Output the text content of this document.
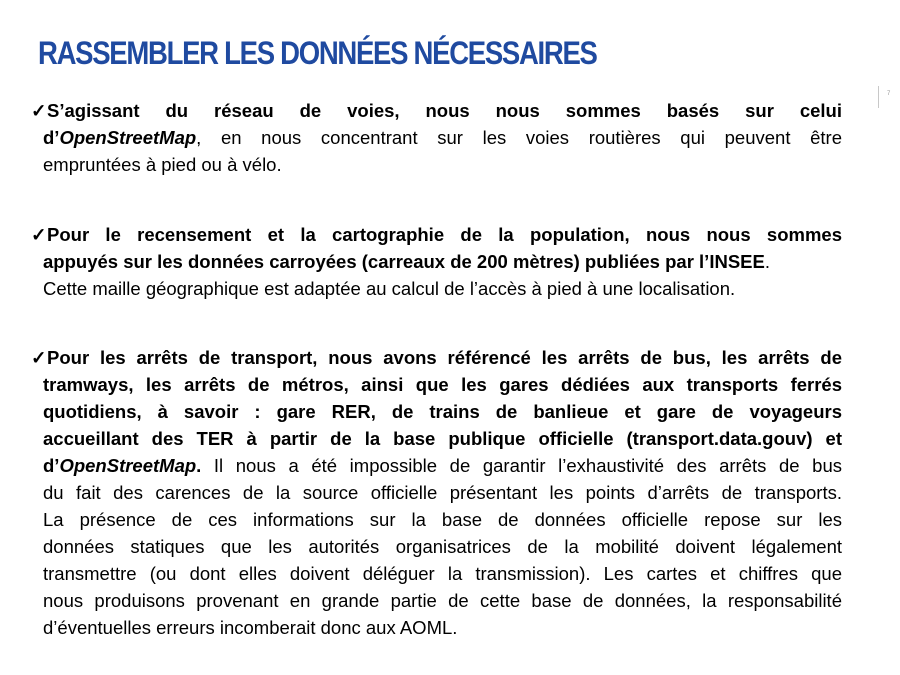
RASSEMBLER LES DONNÉES NÉCESSAIRES
7
✓S’agissant du réseau de voies, nous nous sommes basés sur celui
d’OpenStreetMap, en nous concentrant sur les voies routières qui peuvent être
empruntées à pied ou à vélo.
✓Pour le recensement et la cartographie de la population, nous nous sommes
appuyés sur les données carroyées (carreaux de 200 mètres) publiées par l’INSEE.
Cette maille géographique est adaptée au calcul de l’accès à pied à une localisation.
✓Pour les arrêts de transport, nous avons référencé les arrêts de bus, les arrêts de
tramways, les arrêts de métros, ainsi que les gares dédiées aux transports ferrés
quotidiens, à savoir : gare RER, de trains de banlieue et gare de voyageurs
accueillant des TER à partir de la base publique officielle (transport.data.gouv) et
d’OpenStreetMap. Il nous a été impossible de garantir l’exhaustivité des arrêts de bus
du fait des carences de la source officielle présentant les points d’arrêts de transports.
La présence de ces informations sur la base de données officielle repose sur les
données statiques que les autorités organisatrices de la mobilité doivent légalement
transmettre (ou dont elles doivent déléguer la transmission). Les cartes et chiffres que
nous produisons provenant en grande partie de cette base de données, la responsabilité
d’éventuelles erreurs incomberait donc aux AOML.
